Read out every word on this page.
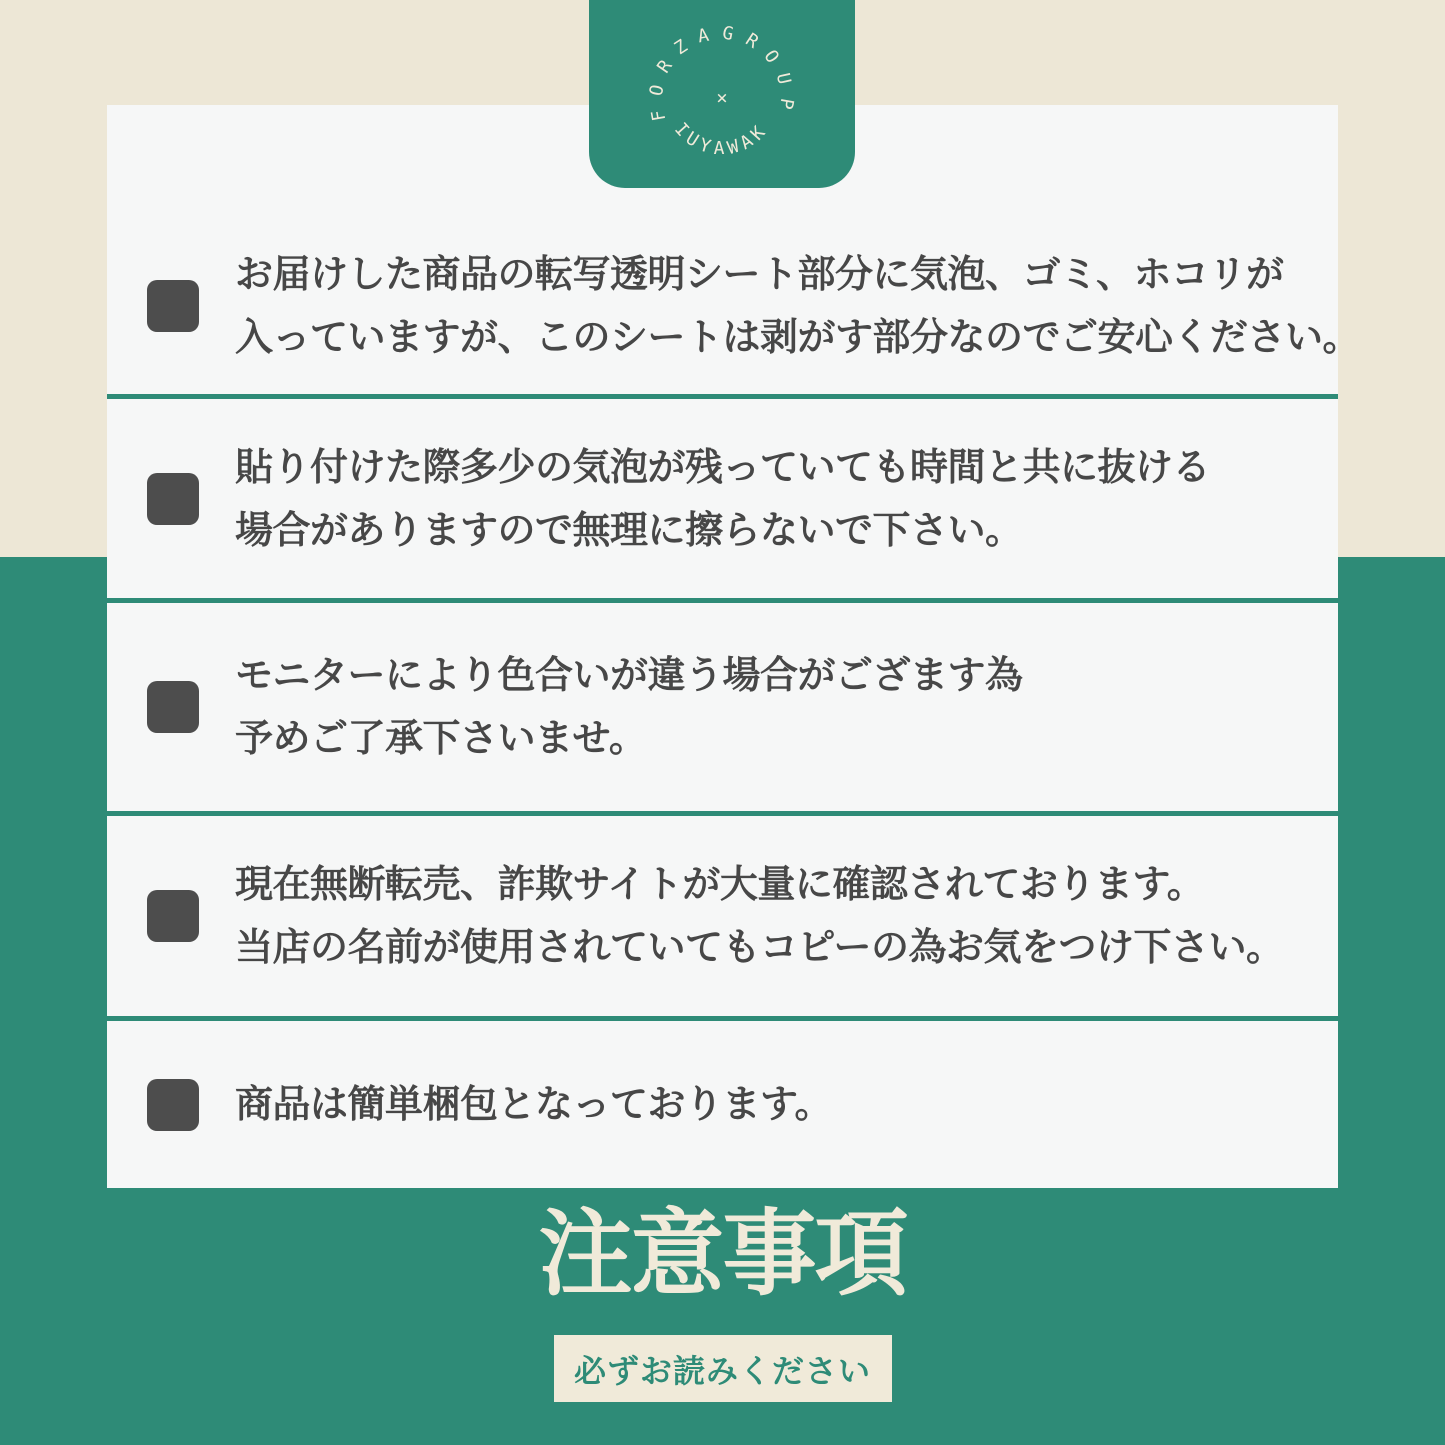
FORZAGROUP
×
IUYAWAK
お届けした商品の転写透明シート部分に気泡、ゴミ、ホコリが
入っていますが、このシートは剥がす部分なのでご安心ください。
貼り付けた際多少の気泡が残っていても時間と共に抜ける
場合がありますので無理に擦らないで下さい。
モニターにより色合いが違う場合がござます為
予めご了承下さいませ。
現在無断転売、詐欺サイトが大量に確認されております。
当店の名前が使用されていてもコピーの為お気をつけ下さい。
商品は簡単梱包となっております。
注意事項
必ずお読みください
